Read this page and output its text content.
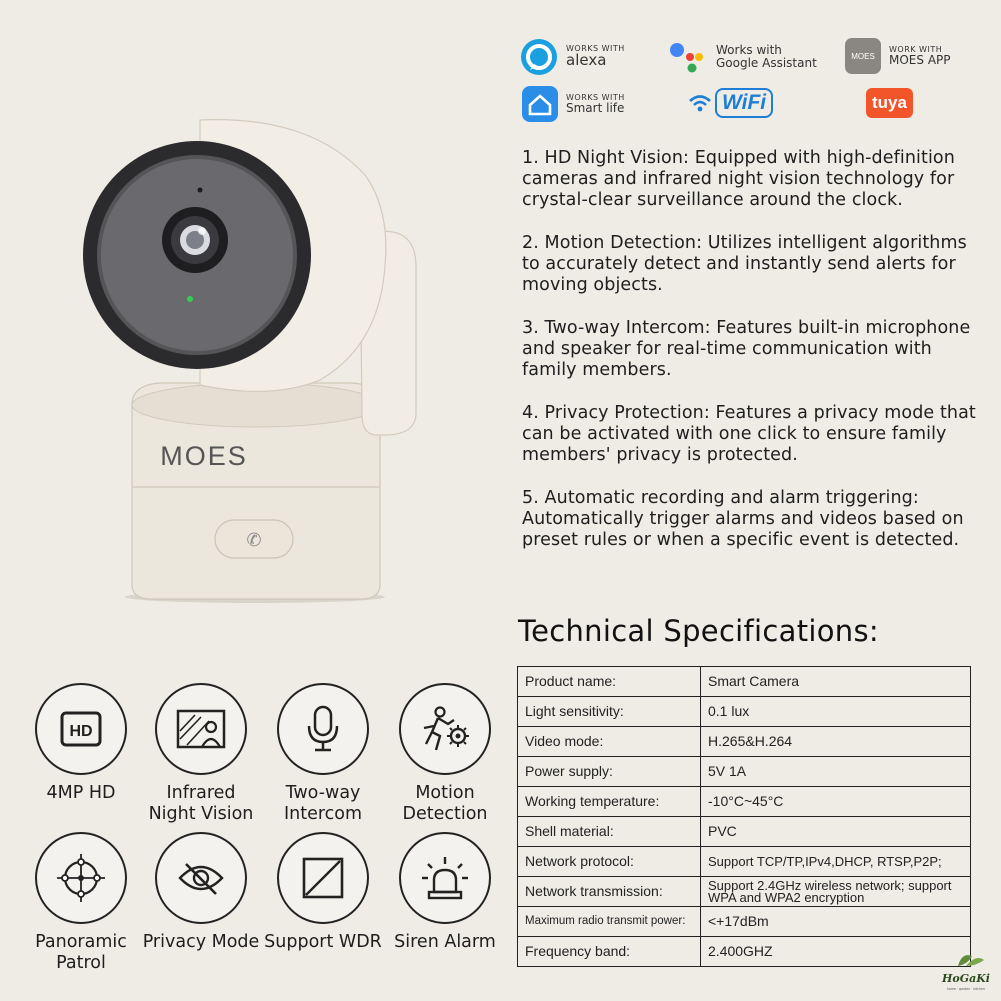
MOES
✆
WORKS WITH
alexa
Works with
Google Assistant	MOES
WORK WITH
MOES APP
WORKS WITH
Smart life	WiFi	tuya

1. HD Night Vision: Equipped with high-definition cameras and infrared night vision technology for crystal-clear surveillance around the clock.

2. Motion Detection: Utilizes intelligent algorithms to accurately detect and instantly send alerts for moving objects.

3. Two-way Intercom: Features built-in microphone and speaker for real-time communication with family members.

4. Privacy Protection: Features a privacy mode that can be activated with one click to ensure family members' privacy is protected.

5. Automatic recording and alarm triggering: Automatically trigger alarms and videos based on preset rules or when a specific event is detected.

Technical Specifications:
Product name:	Smart Camera
Light sensitivity:	0.1 lux
Video mode:	H.265&H.264
Power supply:	5V 1A
Working temperature:	-10°C~45°C
Shell material:	PVC
Network protocol:	Support TCP/TP,IPv4,DHCP, RTSP,P2P;
Network transmission:	Support 2.4GHz wireless network; support WPA and WPA2 encryption
Maximum radio transmit power:	<+17dBm
Frequency band:	2.400GHZ
HD
4MP HD	Infrared Night Vision
Two-way Intercom
Motion Detection
Panoramic Patrol
Privacy Mode Support WDR Siren Alarm
HoGaKi
home · garden · kitchen
